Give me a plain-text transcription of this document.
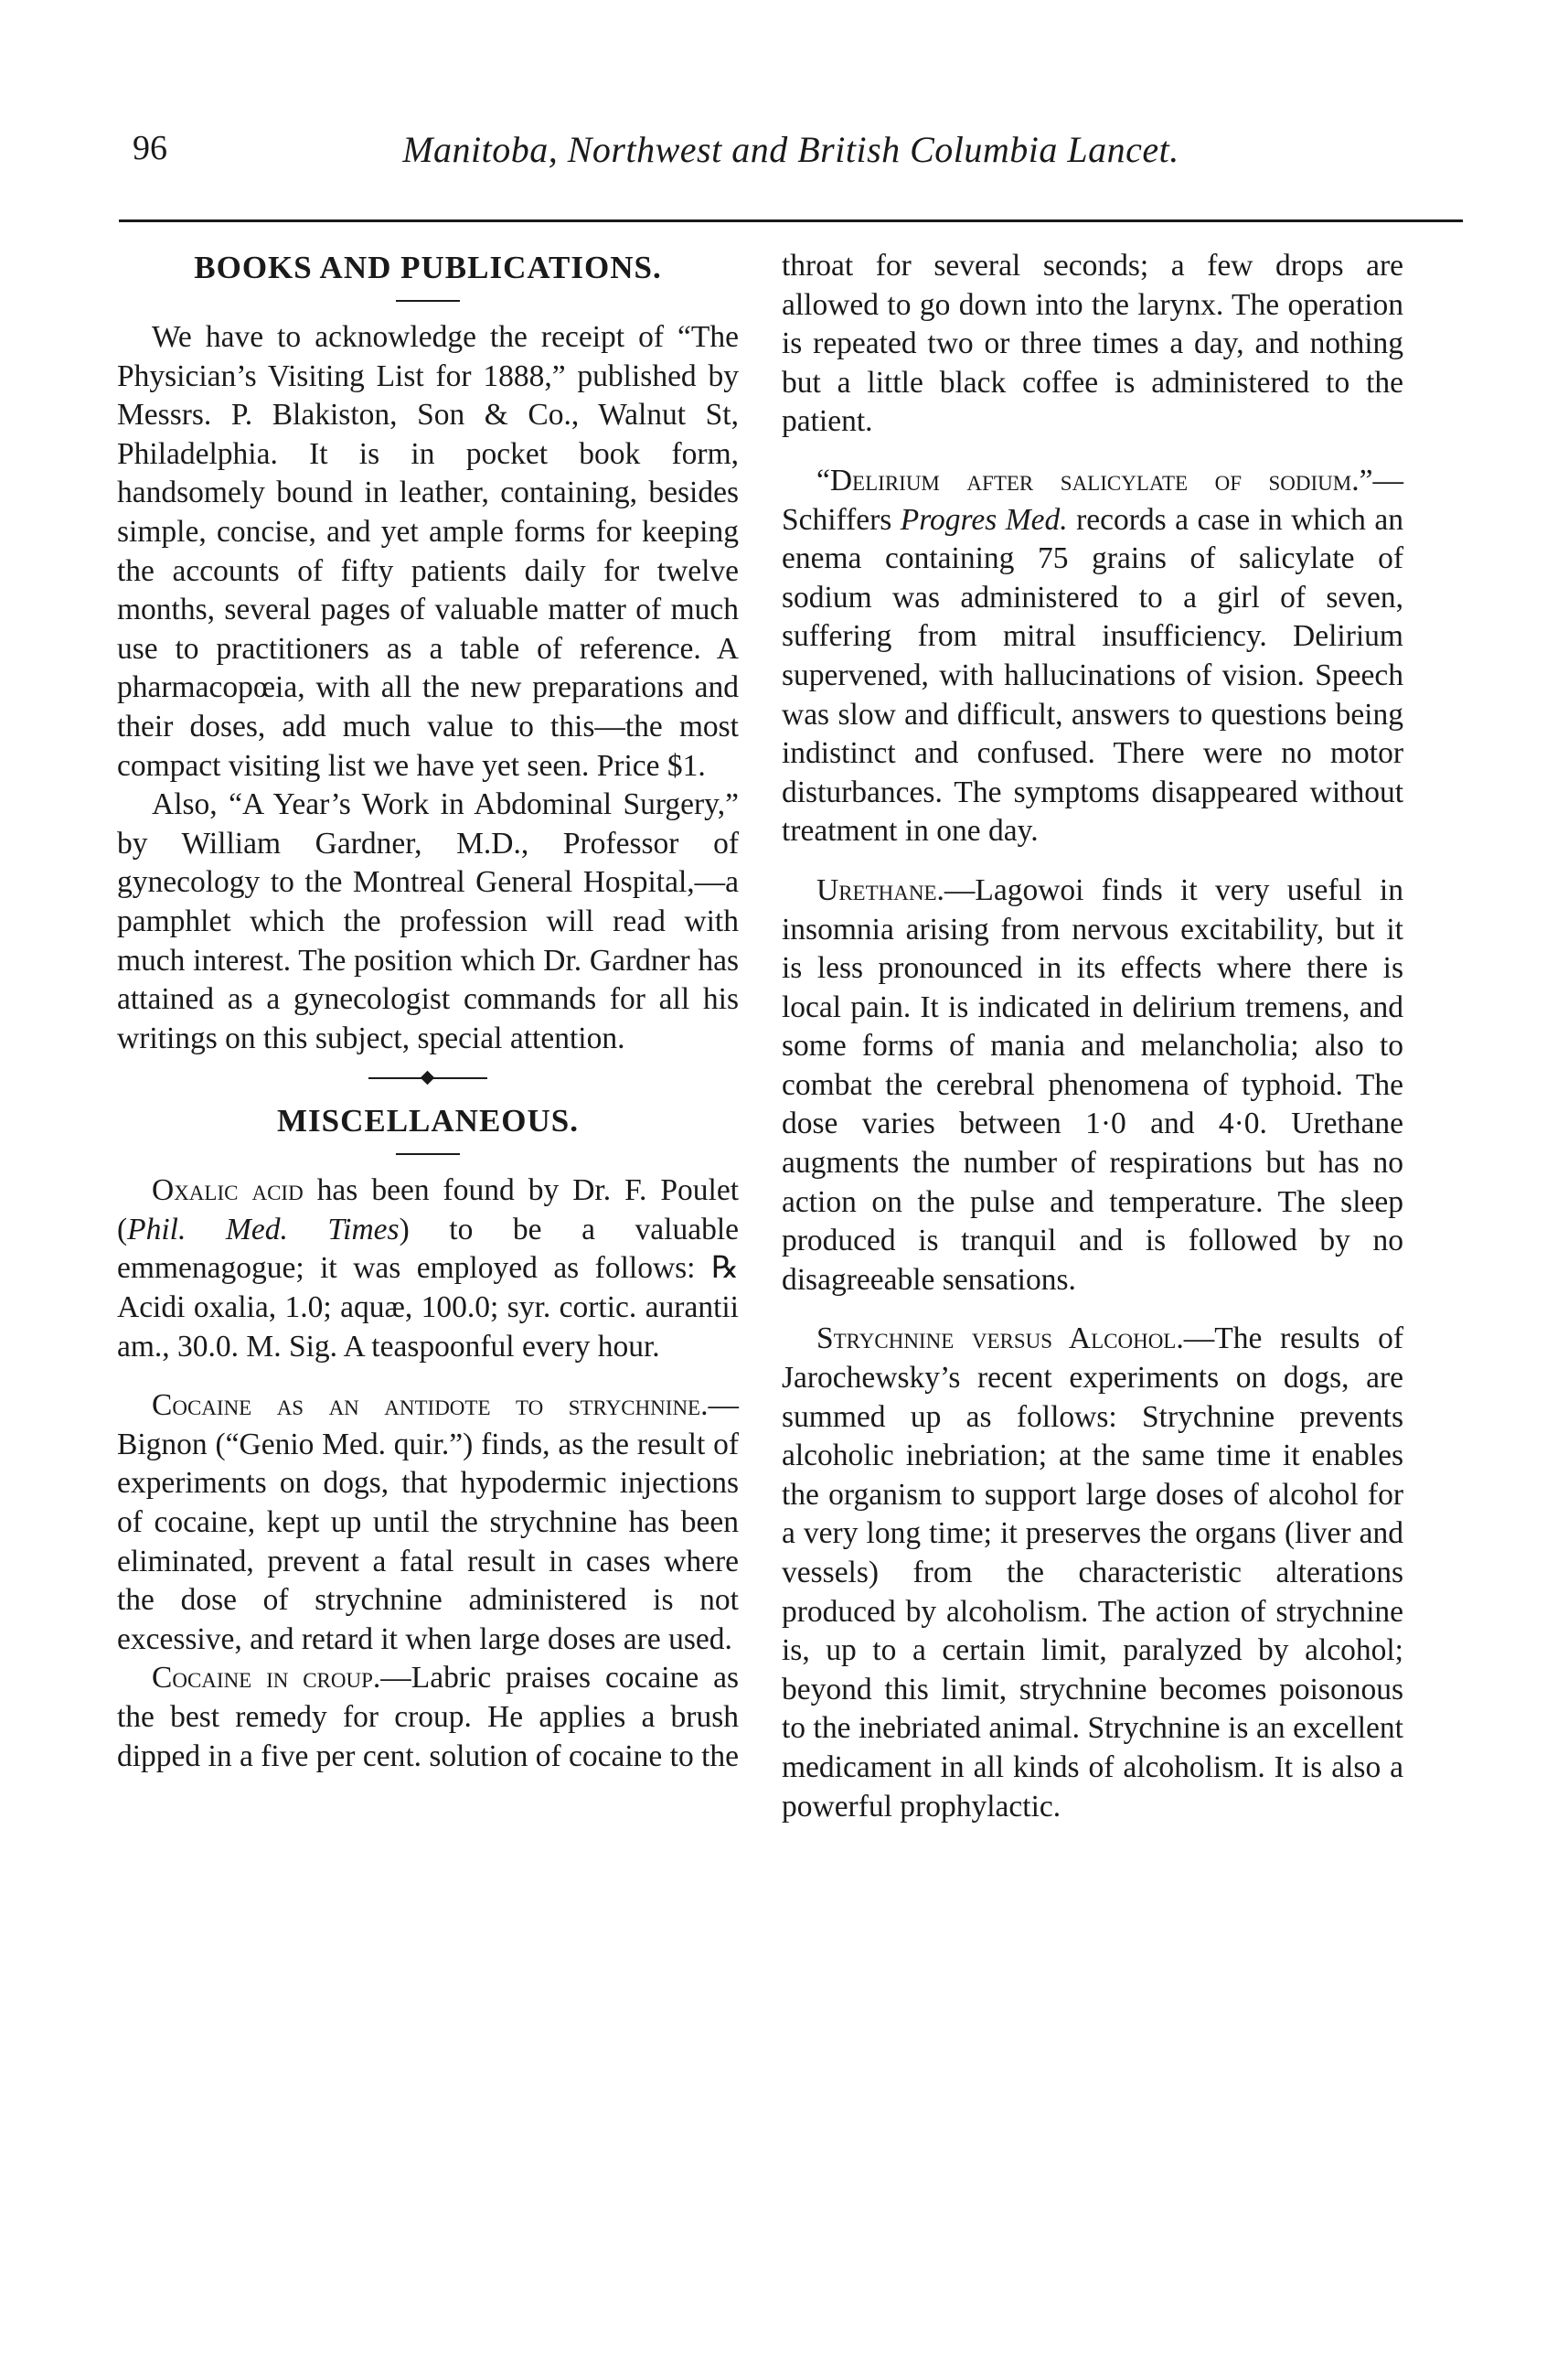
96	Manitoba, Northwest and British Columbia Lancet.
BOOKS AND PUBLICATIONS.

We have to acknowledge the receipt of “The Physician’s Visiting List for 1888,” published by Messrs. P. Blakiston, Son & Co., Walnut St, Philadelphia. It is in pocket book form, handsomely bound in leather, containing, besides simple, concise, and yet ample forms for keeping the accounts of fifty patients daily for twelve months, several pages of valuable matter of much use to practitioners as a table of reference. A pharmacopœia, with all the new preparations and their doses, add much value to this—the most compact visiting list we have yet seen. Price $1.

Also, “A Year’s Work in Abdominal Surgery,” by William Gardner, M.D., Professor of gynecology to the Montreal General Hospital,—a pamphlet which the profession will read with much interest. The position which Dr. Gardner has attained as a gynecologist commands for all his writings on this subject, special attention.

MISCELLANEOUS.

Oxalic acid has been found by Dr. F. Poulet (Phil. Med. Times) to be a valuable emmenagogue; it was employed as follows: ℞ Acidi oxalia, 1.0; aquæ, 100.0; syr. cortic. aurantii am., 30.0. M. Sig. A teaspoonful every hour.

Cocaine as an antidote to strychnine.—Bignon (“Genio Med. quir.”) finds, as the result of experiments on dogs, that hypodermic injections of cocaine, kept up until the strychnine has been eliminated, prevent a fatal result in cases where the dose of strychnine administered is not excessive, and retard it when large doses are used.

Cocaine in croup.—Labric praises cocaine as the best remedy for croup. He applies a brush dipped in a five per cent. solution of cocaine to the

throat for several seconds; a few drops are allowed to go down into the larynx. The operation is repeated two or three times a day, and nothing but a little black coffee is administered to the patient.

“Delirium after salicylate of sodium.”—Schiffers Progres Med. records a case in which an enema containing 75 grains of salicylate of sodium was administered to a girl of seven, suffering from mitral insufficiency. Delirium supervened, with hallucinations of vision. Speech was slow and difficult, answers to questions being indistinct and confused. There were no motor disturbances. The symptoms disappeared without treatment in one day.

Urethane.—Lagowoi finds it very useful in insomnia arising from nervous excitability, but it is less pronounced in its effects where there is local pain. It is indicated in delirium tremens, and some forms of mania and melancholia; also to combat the cerebral phenomena of typhoid. The dose varies between 1·0 and 4·0. Urethane augments the number of respirations but has no action on the pulse and temperature. The sleep produced is tranquil and is followed by no disagreeable sensations.

Strychnine versus Alcohol.—The results of Jarochewsky’s recent experiments on dogs, are summed up as follows: Strychnine prevents alcoholic inebriation; at the same time it enables the organism to support large doses of alcohol for a very long time; it preserves the organs (liver and vessels) from the characteristic alterations produced by alcoholism. The action of strychnine is, up to a certain limit, paralyzed by alcohol; beyond this limit, strychnine becomes poisonous to the inebriated animal. Strychnine is an excellent medicament in all kinds of alcoholism. It is also a powerful prophylactic.
